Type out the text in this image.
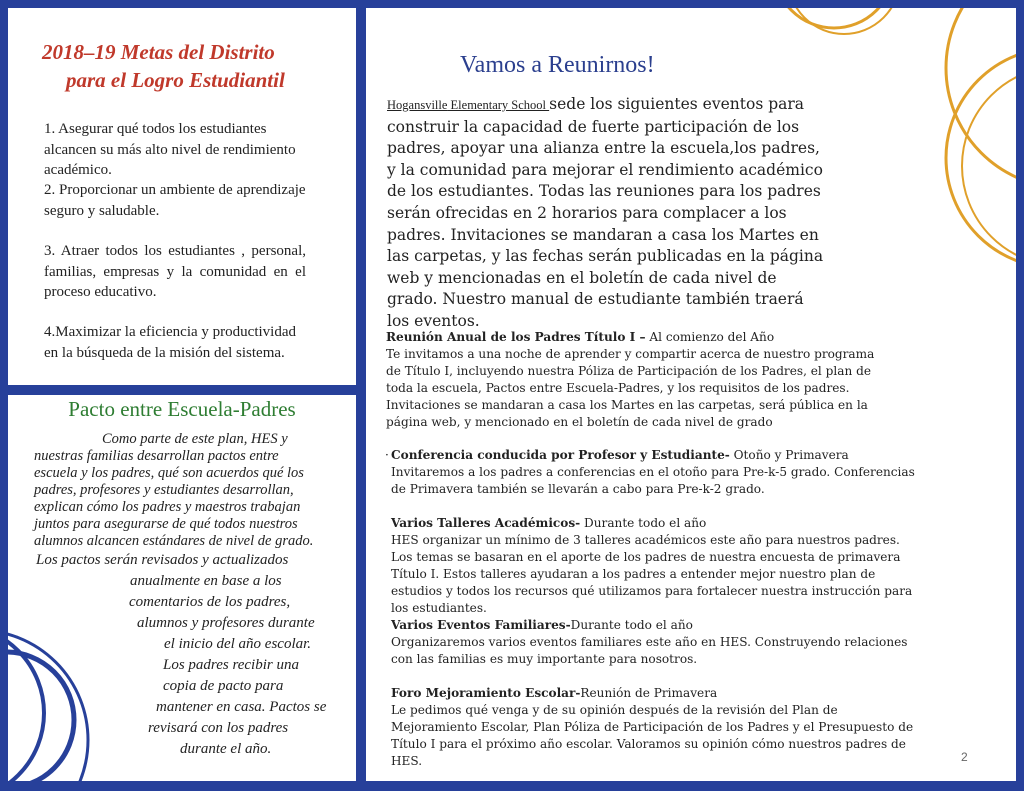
2018–19 Metas del Distrito
para el Logro Estudiantil

1. Asegurar qué todos los estudiantes alcancen su más alto nivel de rendimiento académico.

2. Proporcionar un ambiente de aprendizaje seguro y saludable.

3. Atraer todos los estudiantes , personal, familias, empresas y la comunidad en el proceso educativo.

4.Maximizar la eficiencia y productividad en la búsqueda de la misión del sistema.

Pacto entre Escuela-Padres

Como parte de este plan, HES y

nuestras familias desarrollan pactos entre

escuela y los padres, qué son acuerdos qué los

padres, profesores y estudiantes desarrollan,

explican cómo los padres y maestros trabajan

juntos para asegurarse de qué todos nuestros

alumnos alcancen estándares de nivel de grado.

Los pactos serán revisados y actualizados

anualmente en base a los

comentarios de los padres,

alumnos y profesores durante

el inicio del año escolar.

Los padres recibir una

copia de pacto para

mantener en casa. Pactos se

revisará con los padres

durante el año.

Vamos a Reunirnos!

Hogansville Elementary School sede los siguientes eventos para construir la capacidad de fuerte participación de los padres, apoyar una alianza entre la escuela,los padres, y la comunidad para mejorar el rendimiento académico de los estudiantes. Todas las reuniones para los padres serán ofrecidas en 2 horarios para complacer a los padres. Invitaciones se mandaran a casa los Martes en las carpetas, y las fechas serán publicadas en la página web y mencionadas en el boletín de cada nivel de grado. Nuestro manual de estudiante también traerá los eventos.

Reunión Anual de los Padres Título I – Al comienzo del Año
Te invitamos a una noche de aprender y compartir acerca de nuestro programa de Título I, incluyendo nuestra Póliza de Participación de los Padres, el plan de toda la escuela, Pactos entre Escuela-Padres, y los requisitos de los padres. Invitaciones se mandaran a casa los Martes en las carpetas, será pública en la página web, y mencionado en el boletín de cada nivel de grado
· Conferencia conducida por Profesor y Estudiante- Otoño y Primavera
Invitaremos a los padres a conferencias en el otoño para Pre-k-5 grado. Conferencias de Primavera también se llevarán a cabo para Pre-k-2 grado.
Varios Talleres Académicos- Durante todo el año
HES organizar un mínimo de 3 talleres académicos este año para nuestros padres. Los temas se basaran en el aporte de los padres de nuestra encuesta de primavera Título I. Estos talleres ayudaran a los padres a entender mejor nuestro plan de estudios y todos los recursos qué utilizamos para fortalecer nuestra instrucción para los estudiantes.
Varios Eventos Familiares-Durante todo el año
Organizaremos varios eventos familiares este año en HES. Construyendo relaciones con las familias es muy importante para nosotros.
Foro Mejoramiento Escolar-Reunión de Primavera
Le pedimos qué venga y de su opinión después de la revisión del Plan de Mejoramiento Escolar, Plan Póliza de Participación de los Padres y el Presupuesto de Título I para el próximo año escolar. Valoramos su opinión cómo nuestros padres de HES.	2
